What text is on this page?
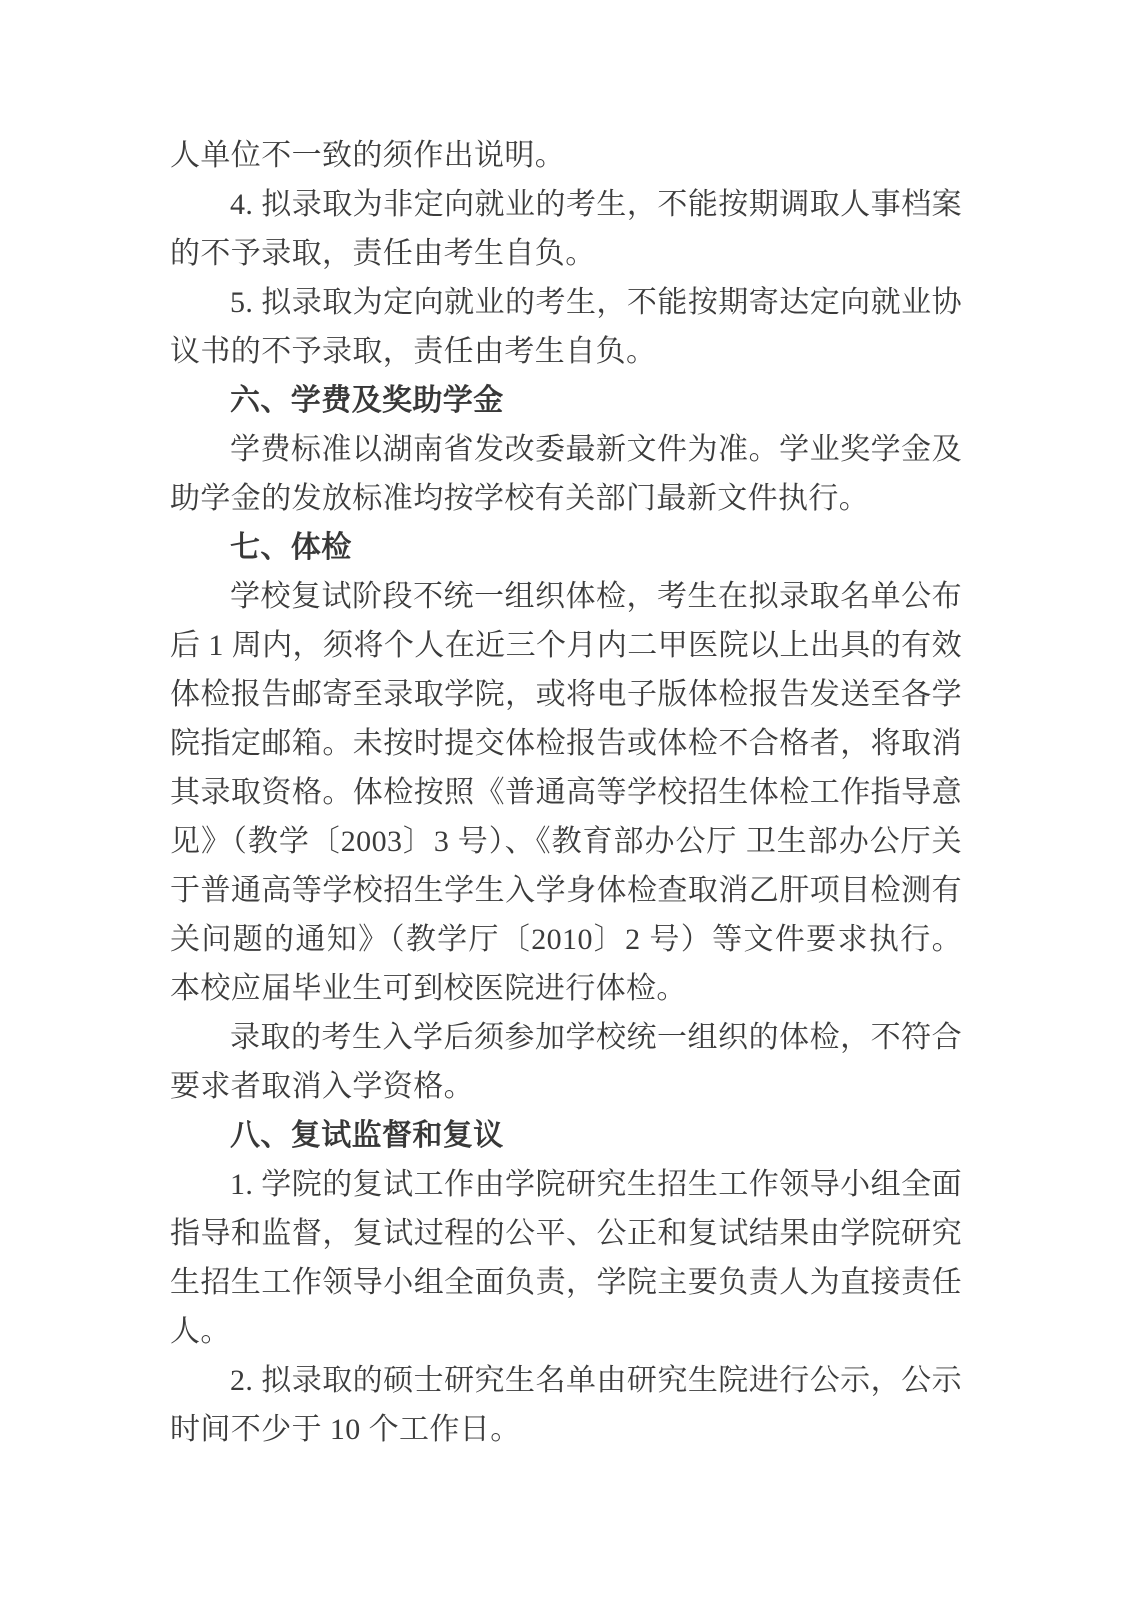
人单位不一致的须作出说明。

4. 拟录取为非定向就业的考生，不能按期调取人事档案的不予录取，责任由考生自负。

5. 拟录取为定向就业的考生，不能按期寄达定向就业协议书的不予录取，责任由考生自负。

六、学费及奖助学金

学费标准以湖南省发改委最新文件为准。学业奖学金及助学金的发放标准均按学校有关部门最新文件执行。

七、体检

学校复试阶段不统一组织体检，考生在拟录取名单公布后 1 周内，须将个人在近三个月内二甲医院以上出具的有效体检报告邮寄至录取学院，或将电子版体检报告发送至各学院指定邮箱。未按时提交体检报告或体检不合格者，将取消其录取资格。体检按照《普通高等学校招生体检工作指导意见》（教学〔2003〕3 号）、《教育部办公厅 卫生部办公厅关于普通高等学校招生学生入学身体检查取消乙肝项目检测有关问题的通知》（教学厅〔2010〕2 号）等文件要求执行。本校应届毕业生可到校医院进行体检。

录取的考生入学后须参加学校统一组织的体检，不符合要求者取消入学资格。

八、复试监督和复议

1. 学院的复试工作由学院研究生招生工作领导小组全面指导和监督，复试过程的公平、公正和复试结果由学院研究生招生工作领导小组全面负责，学院主要负责人为直接责任人。

2. 拟录取的硕士研究生名单由研究生院进行公示，公示时间不少于 10 个工作日。
